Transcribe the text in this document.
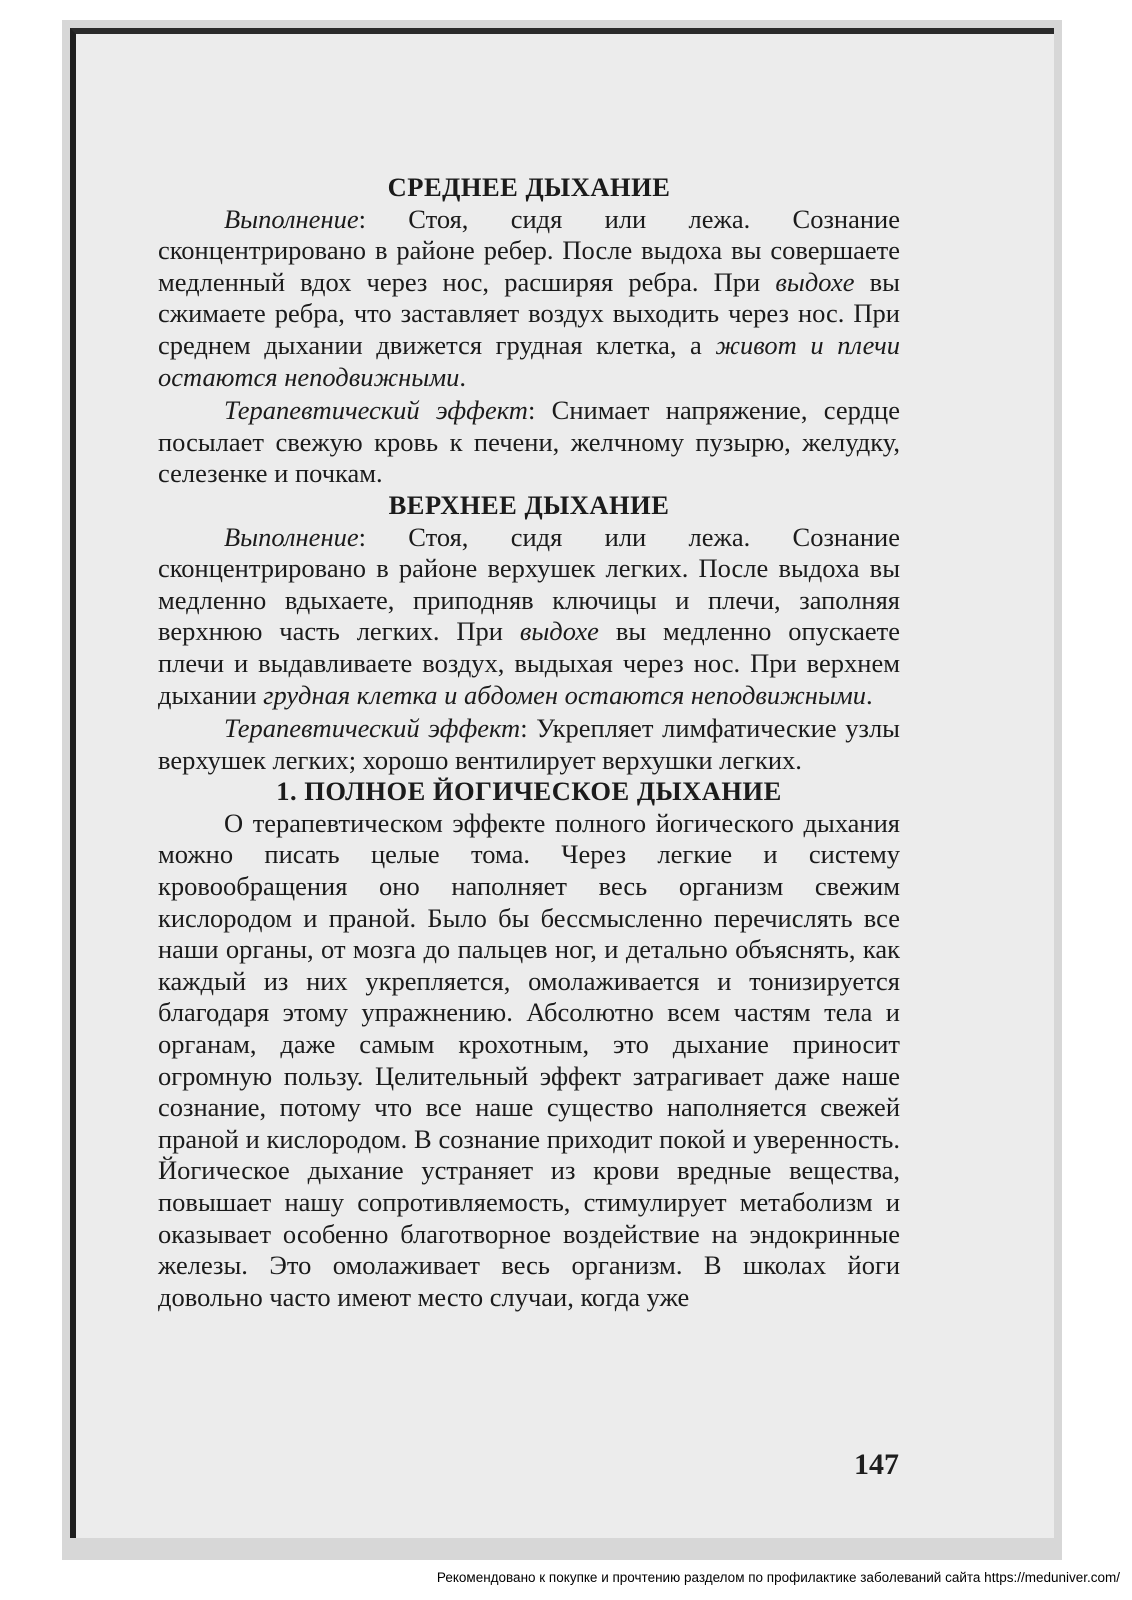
СРЕДНЕЕ ДЫХАНИЕ

Выполнение: Стоя, сидя или лежа. Сознание сконцентрировано в районе ребер. После выдоха вы совершаете медленный вдох через нос, расширяя ребра. При выдохе вы сжимаете ребра, что заставляет воздух выходить через нос. При среднем дыхании движется грудная клетка, а живот и плечи остаются неподвижными.

Терапевтический эффект: Снимает напряжение, сердце посылает свежую кровь к печени, желчному пузырю, желудку, селезенке и почкам.

ВЕРХНЕЕ ДЫХАНИЕ

Выполнение: Стоя, сидя или лежа. Сознание сконцентрировано в районе верхушек легких. После выдоха вы медленно вдыхаете, приподняв ключицы и плечи, заполняя верхнюю часть легких. При выдохе вы медленно опускаете плечи и выдавливаете воздух, выдыхая через нос. При верхнем дыхании грудная клетка и абдомен остаются неподвижными.

Терапевтический эффект: Укрепляет лимфатические узлы верхушек легких; хорошо вентилирует верхушки легких.

1. ПОЛНОЕ ЙОГИЧЕСКОЕ ДЫХАНИЕ

О терапевтическом эффекте полного йогического дыхания можно писать целые тома. Через легкие и систему кровообращения оно наполняет весь организм свежим кислородом и праной. Было бы бессмысленно перечислять все наши органы, от мозга до пальцев ног, и детально объяснять, как каждый из них укрепляется, омолаживается и тонизируется благодаря этому упражнению. Абсолютно всем частям тела и органам, даже самым крохотным, это дыхание приносит огромную пользу. Целительный эффект затрагивает даже наше сознание, потому что все наше существо наполняется свежей праной и кислородом. В сознание приходит покой и уверенность. Йогическое дыхание устраняет из крови вредные вещества, повышает нашу сопротивляемость, стимулирует метаболизм и оказывает особенно благотворное воздействие на эндокринные железы. Это омолаживает весь организм. В школах йоги довольно часто имеют место случаи, когда уже

147
Рекомендовано к покупке и прочтению разделом по профилактике заболеваний сайта https://meduniver.com/
